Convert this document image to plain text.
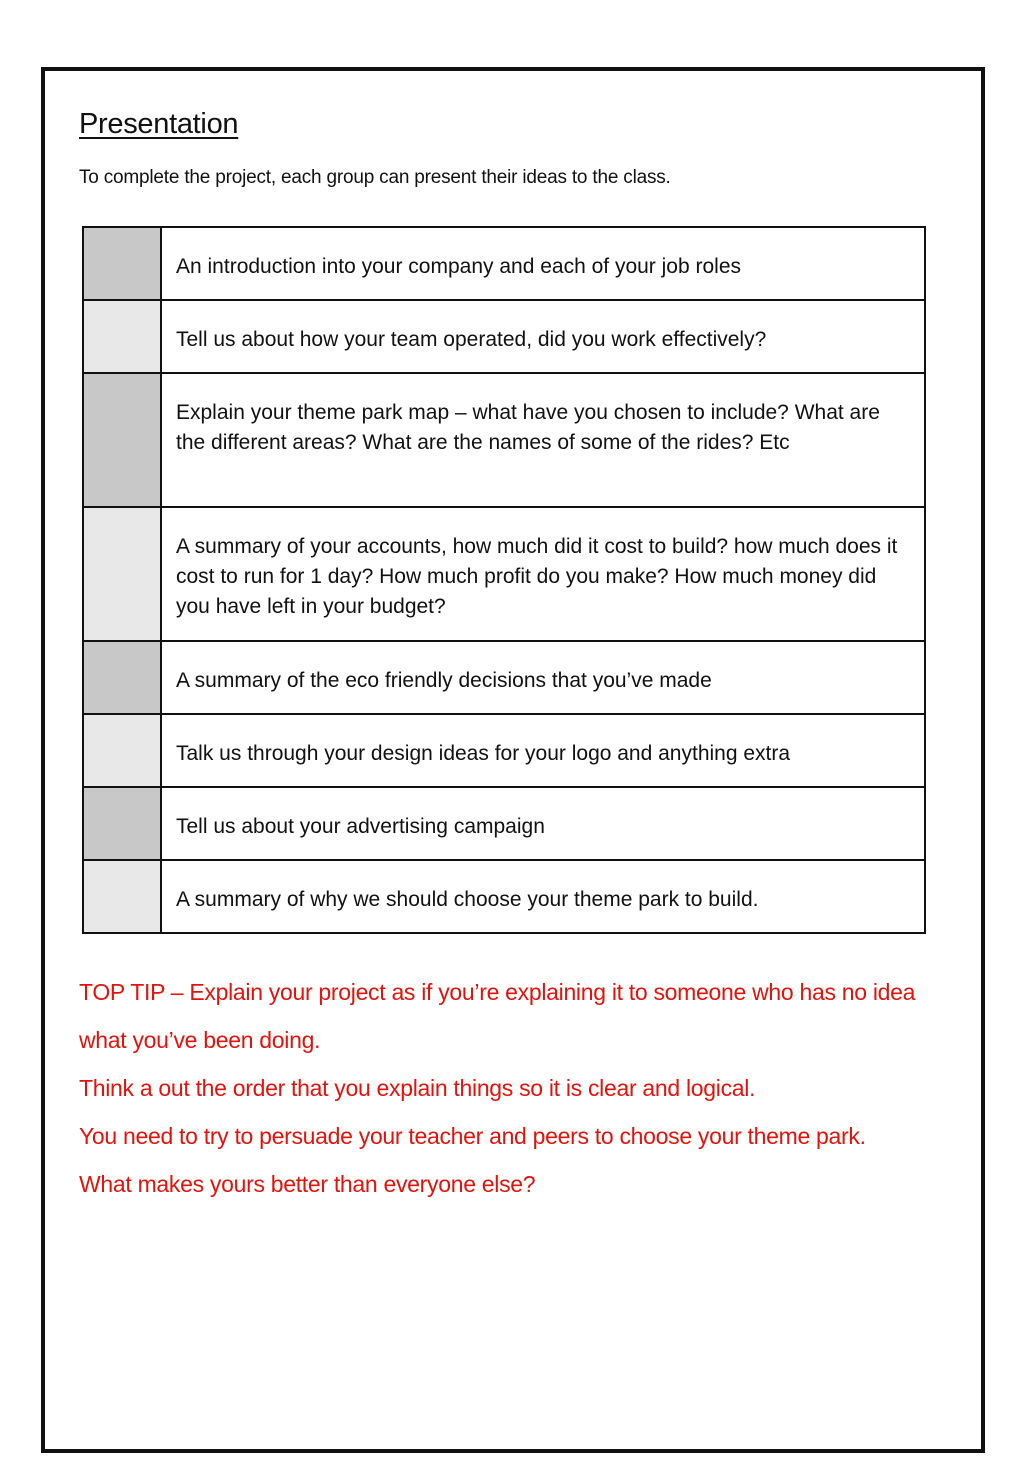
Presentation

To complete the project, each group can present their ideas to the class.

	An introduction into your company and each of your job roles
	Tell us about how your team operated, did you work effectively?
	Explain your theme park map – what have you chosen to include? What are the different areas? What are the names of some of the rides? Etc
	A summary of your accounts, how much did it cost to build? how much does it cost to run for 1 day? How much profit do you make? How much money did you have left in your budget?
	A summary of the eco friendly decisions that you’ve made
	Talk us through your design ideas for your logo and anything extra
	Tell us about your advertising campaign
	A summary of why we should choose your theme park to build.

TOP TIP – Explain your project as if you’re explaining it to someone who has no idea what you’ve been doing.

Think a out the order that you explain things so it is clear and logical.

You need to try to persuade your teacher and peers to choose your theme park.

What makes yours better than everyone else?
